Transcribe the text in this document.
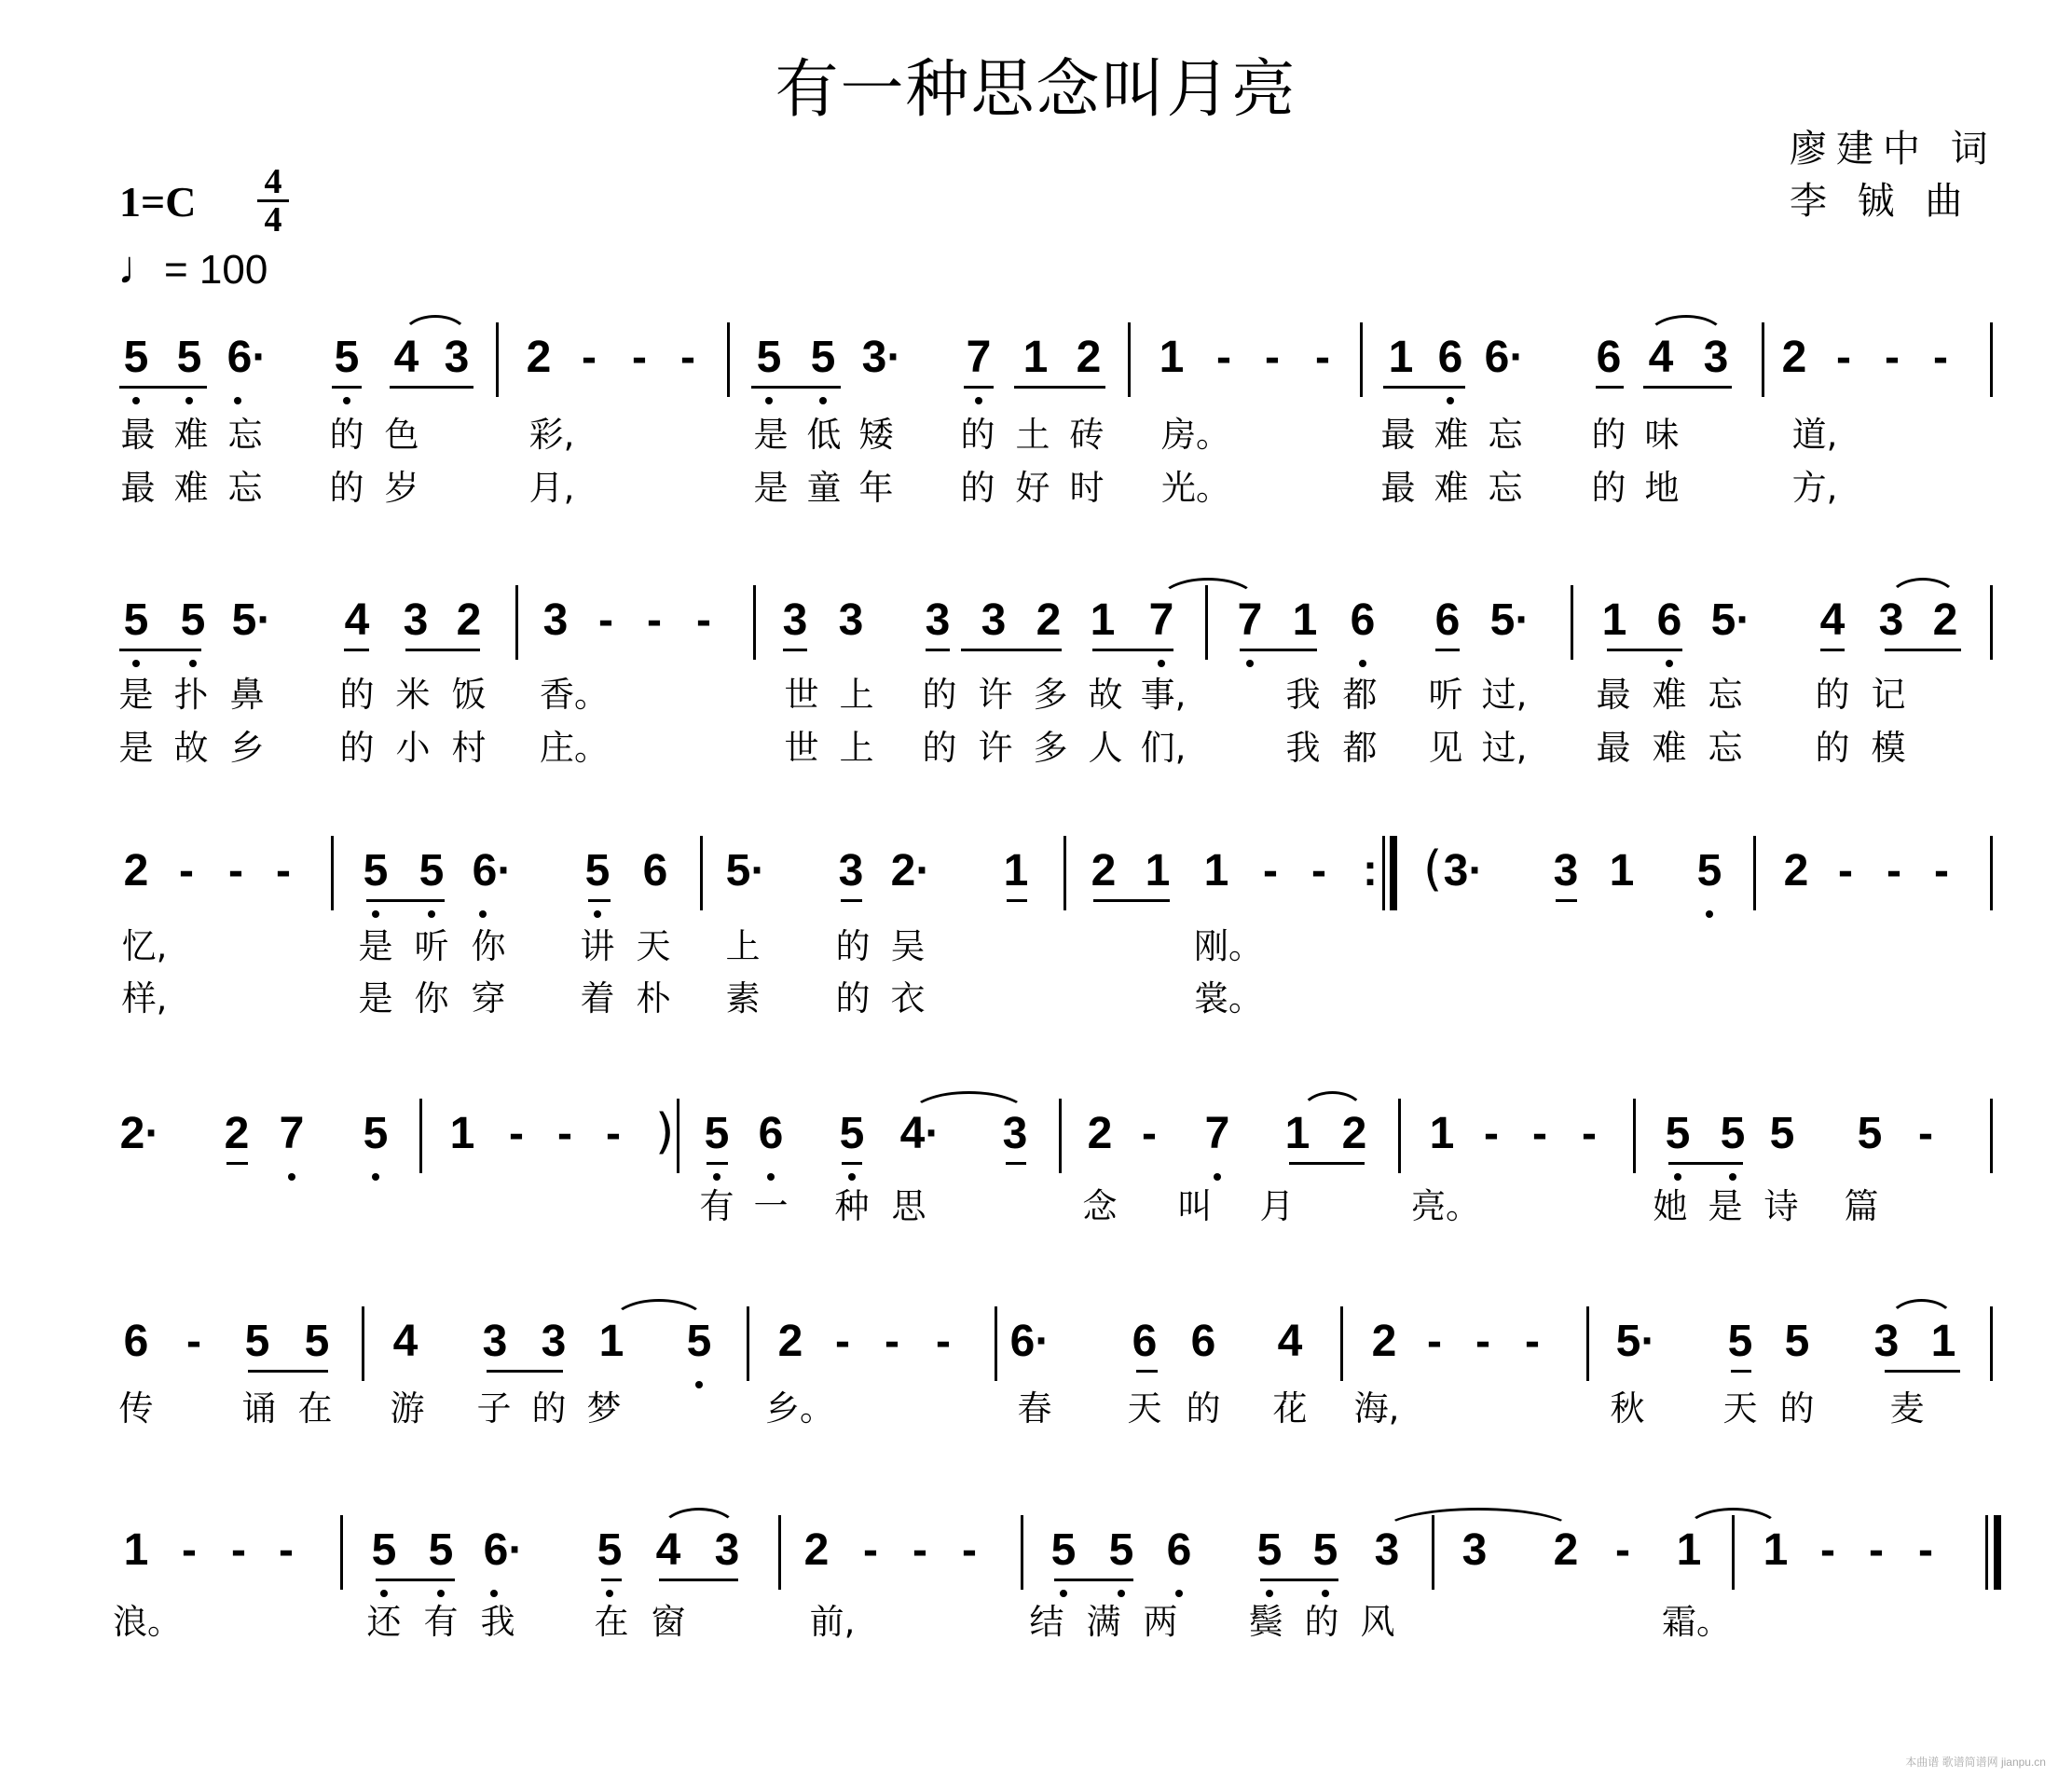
有一种思念叫月亮
廖建中 词
李 铖 曲
1=C 4
4
♩= 100
5 5 6· 5 4 3 2 - - - 5 5 3· 7 1 2 1 - - - 1 6 6· 6 4 3 2 - - -
最 难 忘 的 色	彩,	是 低 矮 的 土 砖 房。	最 难 忘 的 味	道,
最 难 忘 的 岁	月,	是 童 年 的 好 时 光。	最 难 忘 的 地	方,
5 5 5· 4 3 2 3 - - - 3 3 3 3 2 1 7 7 1 6 6 5· 1 6 5· 4 3 2
是 扑 鼻 的 米 饭 香。	世 上 的 许 多 故 事,	我 都 听 过, 最 难 忘 的 记
是 故 乡 的 小 村 庄。	世 上 的 许 多 人 们,	我 都 见 过, 最 难 忘 的 模
2 - - - 5 5 6· 5 6 5· 3 2· 1 2 1 1 - - : 3· 3 1 5 2 - - -
(
忆,	是 听 你 讲 天 上 的 吴	刚。
样,	是 你 穿 着 朴 素 的 衣	裳。
2· 2 7 5 1 - - - 5 6 5 4· 3 2 - 7 1 2 1 - - - 5 5 5 5 -
)
有 一 种 思	念 叫 月	亮。	她 是 诗 篇
6 - 5 5 4 3 3 1 5 2 - - - 6· 6 6 4 2 - - - 5· 5 5 3 1
传	诵 在 游 子 的 梦	乡。	春 天 的 花 海,	秋 天 的 麦
1 - - - 5 5 6· 5 4 3 2 - - - 5 5 6 5 5 3 3 2 - 1 1 - - -
浪。	还 有 我 在 窗	前,	结 满 两 鬓 的 风	霜。
本曲谱 歌谱简谱网 jianpu.cn
